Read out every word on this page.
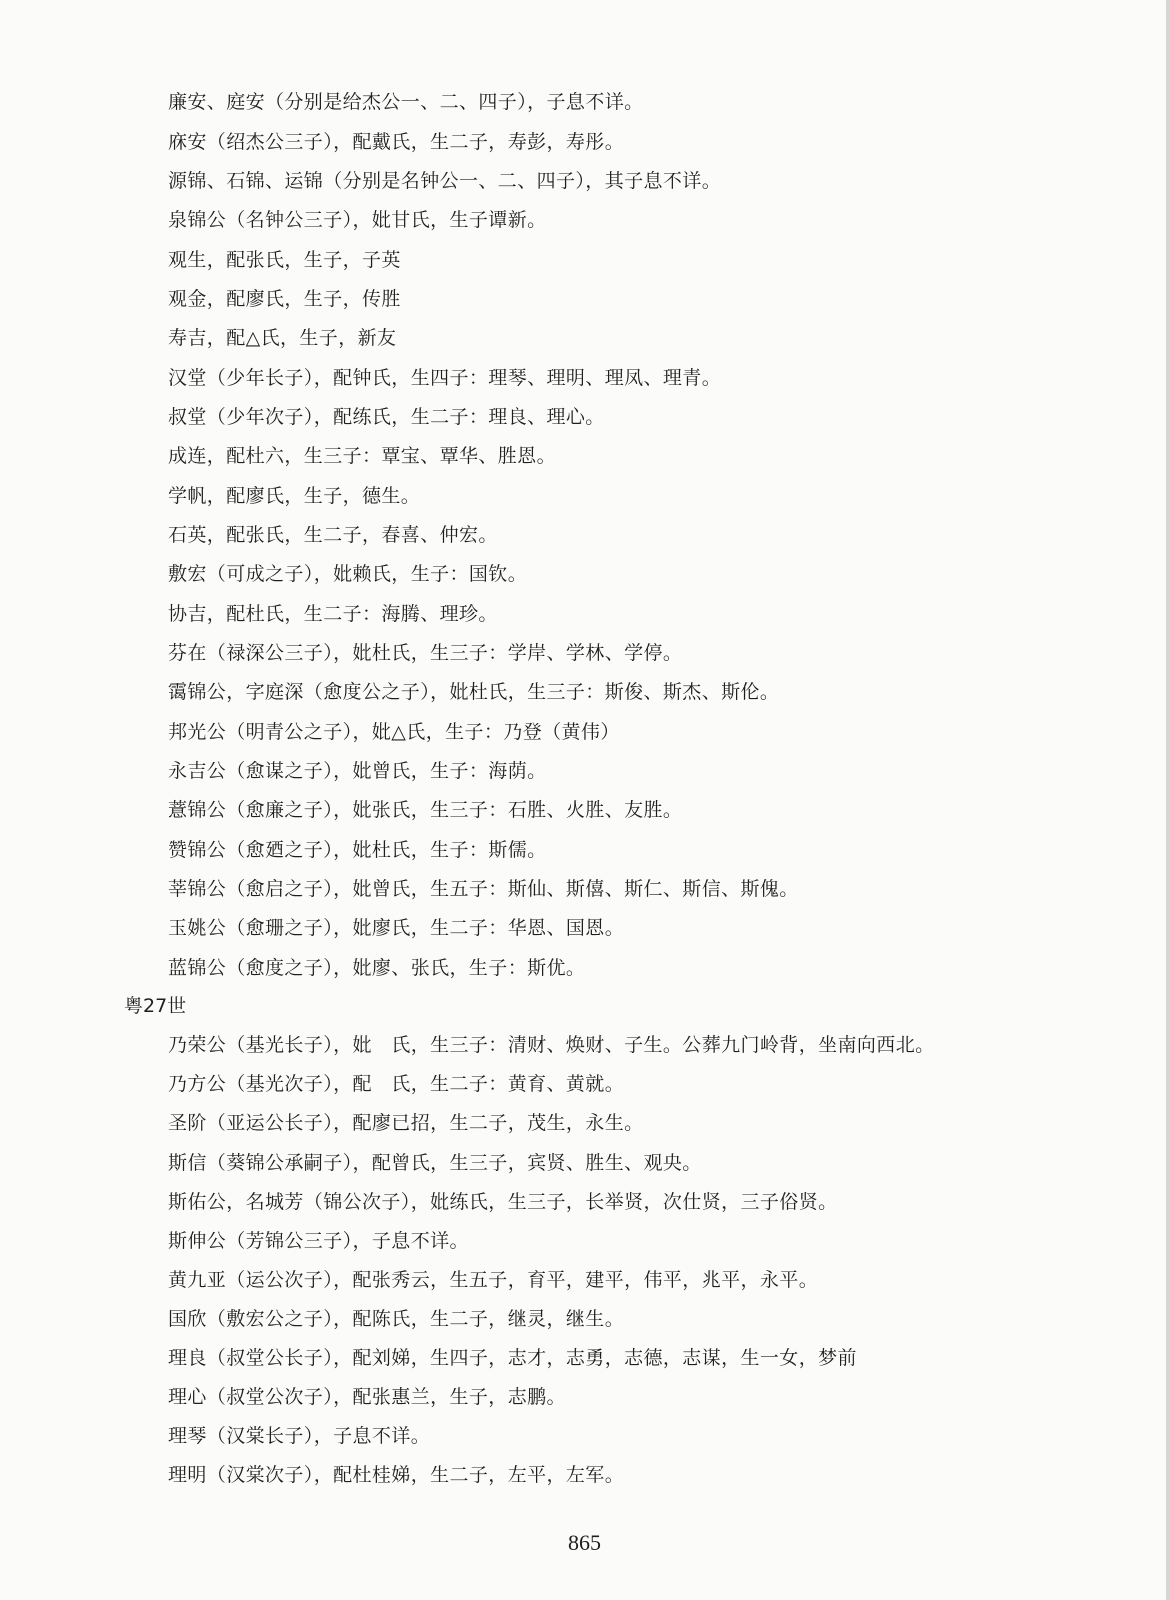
廉安、庭安（分别是给杰公一、二、四子），子息不详。
庥安（绍杰公三子），配戴氏，生二子，寿彭，寿彤。
源锦、石锦、运锦（分别是名钟公一、二、四子），其子息不详。
泉锦公（名钟公三子），妣甘氏，生子谭新。
观生，配张氏，生子，子英
观金，配廖氏，生子，传胜
寿吉，配△氏，生子，新友
汉堂（少年长子），配钟氏，生四子：理琴、理明、理凤、理青。
叔堂（少年次子），配练氏，生二子：理良、理心。
成连，配杜六，生三子：覃宝、覃华、胜恩。
学帆，配廖氏，生子，德生。
石英，配张氏，生二子，春喜、仲宏。
敷宏（可成之子），妣赖氏，生子：国钦。
协吉，配杜氏，生二子：海腾、理珍。
芬在（禄深公三子），妣杜氏，生三子：学岸、学林、学停。
霭锦公，字庭深（愈度公之子），妣杜氏，生三子：斯俊、斯杰、斯伦。
邦光公（明青公之子），妣△氏，生子：乃登（黄伟）
永吉公（愈谋之子），妣曾氏，生子：海荫。
薏锦公（愈廉之子），妣张氏，生三子：石胜、火胜、友胜。
赞锦公（愈廼之子），妣杜氏，生子：斯儒。
莘锦公（愈启之子），妣曾氏，生五子：斯仙、斯僖、斯仁、斯信、斯傀。
玉姚公（愈珊之子），妣廖氏，生二子：华恩、国恩。
蓝锦公（愈度之子），妣廖、张氏，生子：斯优。
粤27世
乃荣公（基光长子），妣　氏，生三子：清财、焕财、子生。公葬九门岭背，坐南向西北。
乃方公（基光次子），配　氏，生二子：黄育、黄就。
圣阶（亚运公长子），配廖已招，生二子，茂生，永生。
斯信（葵锦公承嗣子），配曾氏，生三子，宾贤、胜生、观央。
斯佑公，名城芳（锦公次子），妣练氏，生三子，长举贤，次仕贤，三子俗贤。
斯伸公（芳锦公三子），子息不详。
黄九亚（运公次子），配张秀云，生五子，育平，建平，伟平，兆平，永平。
国欣（敷宏公之子），配陈氏，生二子，继灵，继生。
理良（叔堂公长子），配刘娣，生四子，志才，志勇，志德，志谋，生一女，梦前
理心（叔堂公次子），配张惠兰，生子，志鹏。
理琴（汉棠长子），子息不详。
理明（汉棠次子），配杜桂娣，生二子，左平，左军。
865
